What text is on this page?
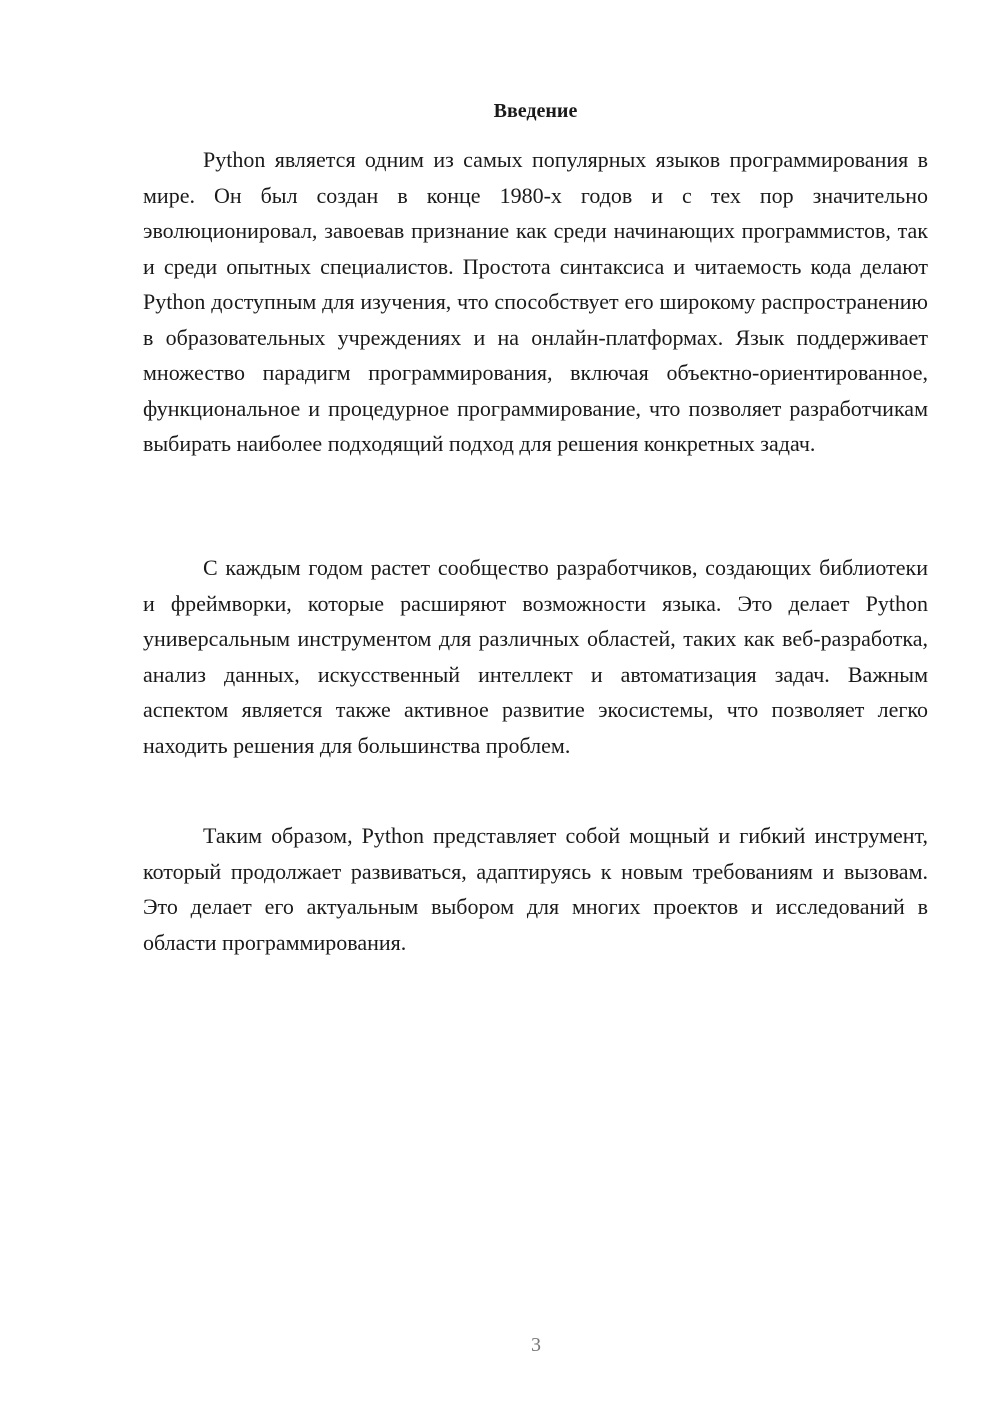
Введение

Python является одним из самых популярных языков программирования в мире. Он был создан в конце 1980-х годов и с тех пор значительно эволюционировал, завоевав признание как среди начинающих программистов, так и среди опытных специалистов. Простота синтаксиса и читаемость кода делают Python доступным для изучения, что способствует его широкому распространению в образовательных учреждениях и на онлайн-платформах. Язык поддерживает множество парадигм программирования, включая объектно-ориентированное, функциональное и процедурное программирование, что позволяет разработчикам выбирать наиболее подходящий подход для решения конкретных задач.

С каждым годом растет сообщество разработчиков, создающих библиотеки и фреймворки, которые расширяют возможности языка. Это делает Python универсальным инструментом для различных областей, таких как веб-разработка, анализ данных, искусственный интеллект и автоматизация задач. Важным аспектом является также активное развитие экосистемы, что позволяет легко находить решения для большинства проблем.

Таким образом, Python представляет собой мощный и гибкий инструмент, который продолжает развиваться, адаптируясь к новым требованиям и вызовам. Это делает его актуальным выбором для многих проектов и исследований в области программирования.

3
